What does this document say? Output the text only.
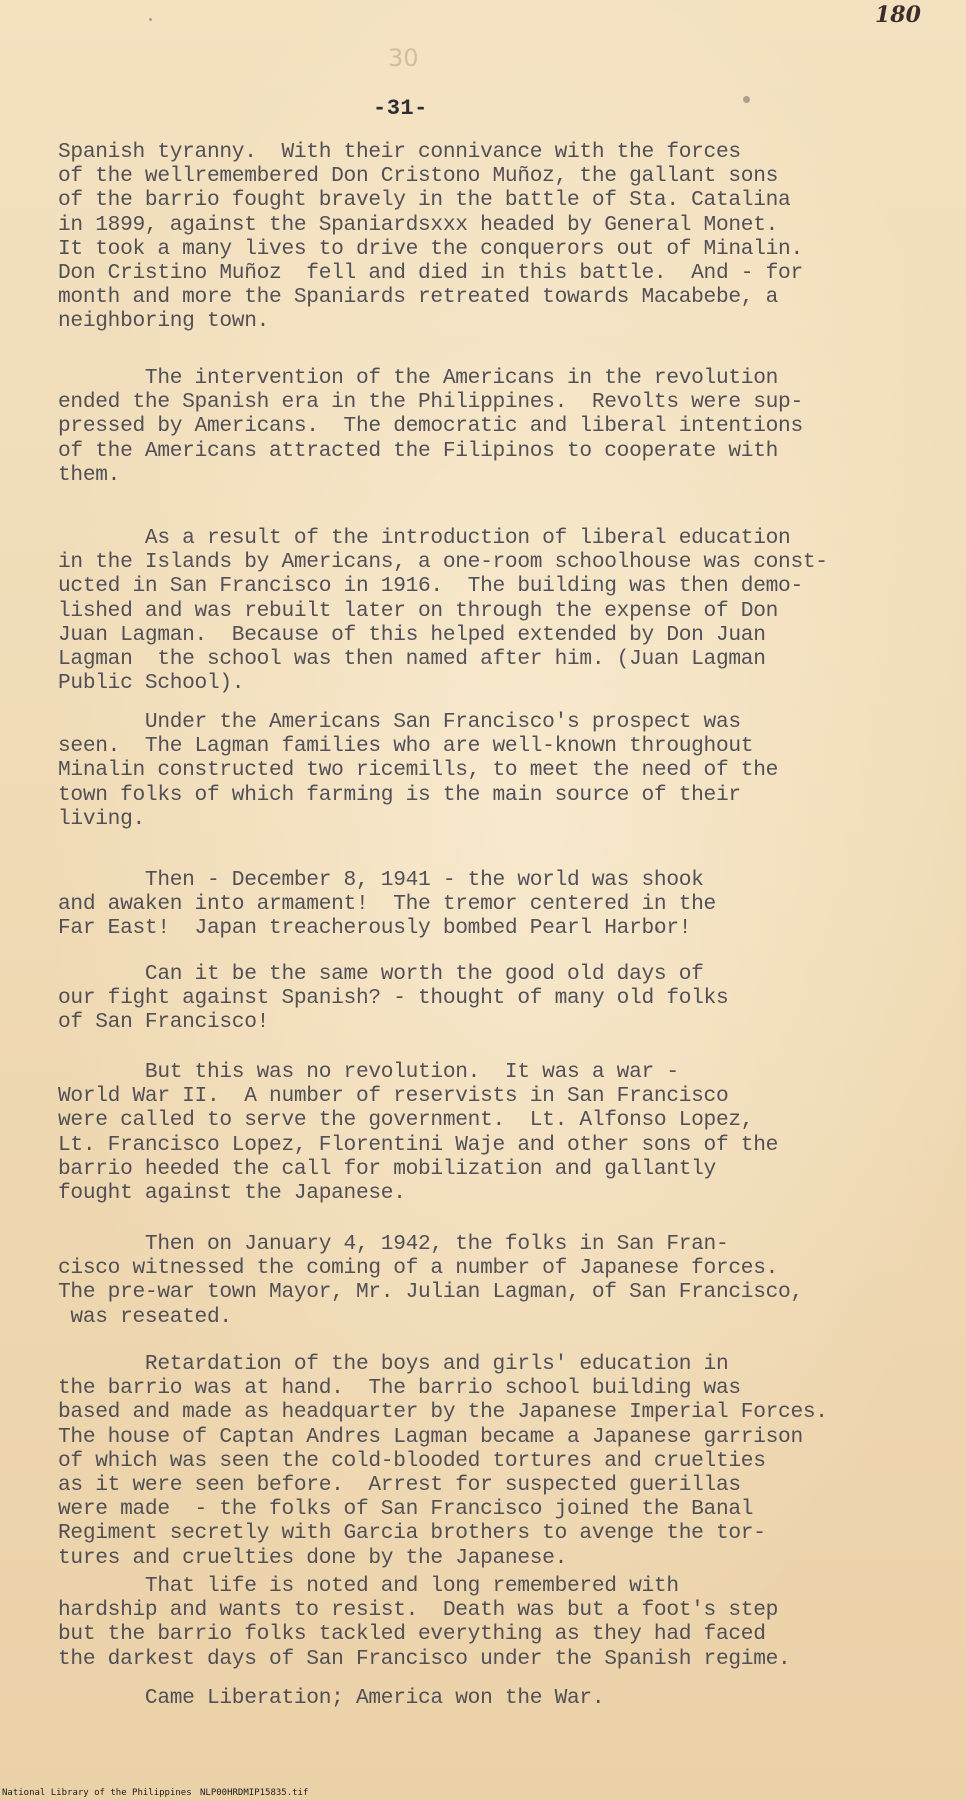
180
30
-31-

Spanish tyranny.  With their connivance with the forces
of the wellremembered Don Cristono Muñoz, the gallant sons
of the barrio fought bravely in the battle of Sta. Catalina
in 1899, against the Spaniardsxxx headed by General Monet.
It took a many lives to drive the conquerors out of Minalin.
Don Cristino Muñoz  fell and died in this battle.  And - for
month and more the Spaniards retreated towards Macabebe, a
neighboring town.

The intervention of the Americans in the revolution
ended the Spanish era in the Philippines.  Revolts were sup-
pressed by Americans.  The democratic and liberal intentions
of the Americans attracted the Filipinos to cooperate with
them.

As a result of the introduction of liberal education
in the Islands by Americans, a one-room schoolhouse was const-
ucted in San Francisco in 1916.  The building was then demo-
lished and was rebuilt later on through the expense of Don
Juan Lagman.  Because of this helped extended by Don Juan
Lagman  the school was then named after him. (Juan Lagman
Public School).

Under the Americans San Francisco's prospect was
seen.  The Lagman families who are well-known throughout
Minalin constructed two ricemills, to meet the need of the
town folks of which farming is the main source of their
living.

Then - December 8, 1941 - the world was shook
and awaken into armament!  The tremor centered in the
Far East!  Japan treacherously bombed Pearl Harbor!

Can it be the same worth the good old days of
our fight against Spanish? - thought of many old folks
of San Francisco!

But this was no revolution.  It was a war -
World War II.  A number of reservists in San Francisco
were called to serve the government.  Lt. Alfonso Lopez,
Lt. Francisco Lopez, Florentini Waje and other sons of the
barrio heeded the call for mobilization and gallantly
fought against the Japanese.

Then on January 4, 1942, the folks in San Fran-
cisco witnessed the coming of a number of Japanese forces.
The pre-war town Mayor, Mr. Julian Lagman, of San Francisco,
was reseated.

Retardation of the boys and girls' education in
the barrio was at hand.  The barrio school building was
based and made as headquarter by the Japanese Imperial Forces.
The house of Captan Andres Lagman became a Japanese garrison
of which was seen the cold-blooded tortures and cruelties
as it were seen before.  Arrest for suspected guerillas
were made  - the folks of San Francisco joined the Banal
Regiment secretly with Garcia brothers to avenge the tor-
tures and cruelties done by the Japanese.

That life is noted and long remembered with
hardship and wants to resist.  Death was but a foot's step
but the barrio folks tackled everything as they had faced
the darkest days of San Francisco under the Spanish regime.

Came Liberation; America won the War.

National Library of the Philippines NLP00HRDMIP15835.tif
